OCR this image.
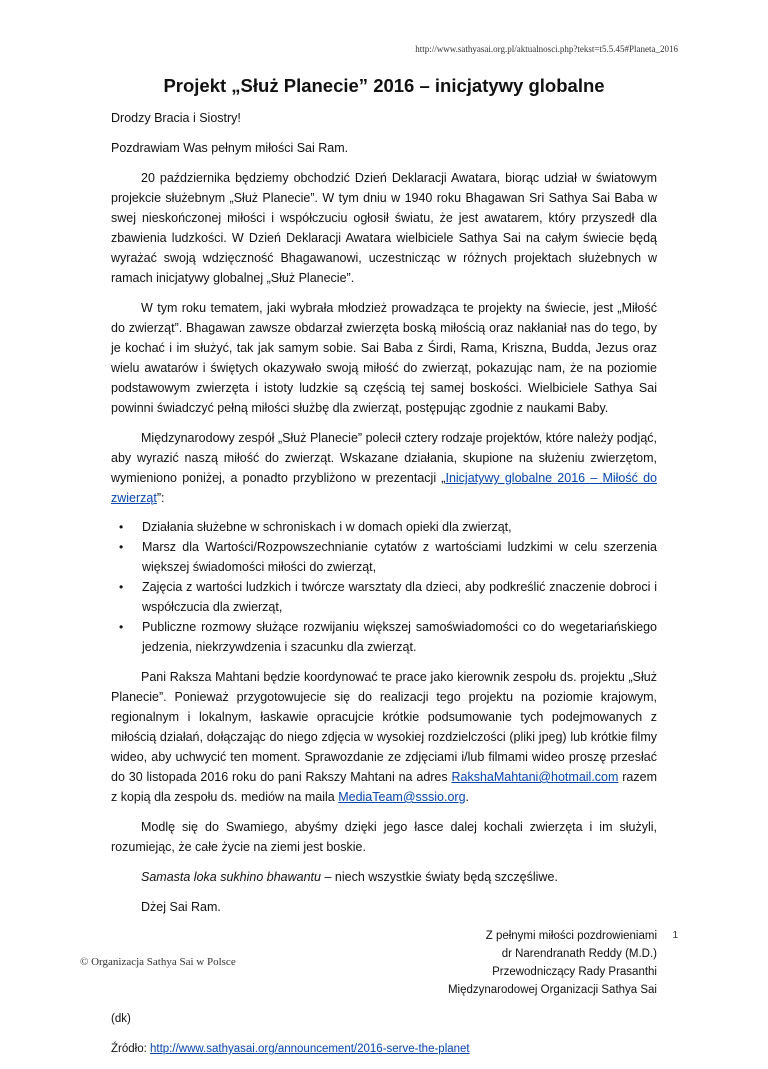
http://www.sathyasai.org.pl/aktualnosci.php?tekst=t5.5.45#Planeta_2016
Projekt „Służ Planecie” 2016 – inicjatywy globalne

Drodzy Bracia i Siostry!

Pozdrawiam Was pełnym miłości Sai Ram.

20 października będziemy obchodzić Dzień Deklaracji Awatara, biorąc udział w światowym projekcie służebnym „Służ Planecie”. W tym dniu w 1940 roku Bhagawan Sri Sathya Sai Baba w swej nieskończonej miłości i współczuciu ogłosił światu, że jest awatarem, który przyszedł dla zbawienia ludzkości. W Dzień Deklaracji Awatara wielbiciele Sathya Sai na całym świecie będą wyrażać swoją wdzięczność Bhagawanowi, uczestnicząc w różnych projektach służebnych w ramach inicjatywy globalnej „Służ Planecie”.

W tym roku tematem, jaki wybrała młodzież prowadząca te projekty na świecie, jest „Miłość do zwierząt”. Bhagawan zawsze obdarzał zwierzęta boską miłością oraz nakłaniał nas do tego, by je kochać i im służyć, tak jak samym sobie. Sai Baba z Śirdi, Rama, Kriszna, Budda, Jezus oraz wielu awatarów i świętych okazywało swoją miłość do zwierząt, pokazując nam, że na poziomie podstawowym zwierzęta i istoty ludzkie są częścią tej samej boskości. Wielbiciele Sathya Sai powinni świadczyć pełną miłości służbę dla zwierząt, postępując zgodnie z naukami Baby.

Międzynarodowy zespół „Służ Planecie” polecił cztery rodzaje projektów, które należy podjąć, aby wyrazić naszą miłość do zwierząt. Wskazane działania, skupione na służeniu zwierzętom, wymieniono poniżej, a ponadto przybliżono w prezentacji „Inicjatywy globalne 2016 – Miłość do zwierząt”:

• Działania służebne w schroniskach i w domach opieki dla zwierząt,
• Marsz dla Wartości/Rozpowszechnianie cytatów z wartościami ludzkimi w celu szerzenia większej świadomości miłości do zwierząt,
• Zajęcia z wartości ludzkich i twórcze warsztaty dla dzieci, aby podkreślić znaczenie dobroci i współczucia dla zwierząt,
• Publiczne rozmowy służące rozwijaniu większej samoświadomości co do wegetariańskiego jedzenia, niekrzywdzenia i szacunku dla zwierząt.

Pani Raksza Mahtani będzie koordynować te prace jako kierownik zespołu ds. projektu „Służ Planecie”. Ponieważ przygotowujecie się do realizacji tego projektu na poziomie krajowym, regionalnym i lokalnym, łaskawie opracujcie krótkie podsumowanie tych podejmowanych z miłością działań, dołączając do niego zdjęcia w wysokiej rozdzielczości (pliki jpeg) lub krótkie filmy wideo, aby uchwycić ten moment. Sprawozdanie ze zdjęciami i/lub filmami wideo proszę przesłać do 30 listopada 2016 roku do pani Rakszy Mahtani na adres RakshaMahtani@hotmail.com razem z kopią dla zespołu ds. mediów na maila MediaTeam@sssio.org.

Modlę się do Swamiego, abyśmy dzięki jego łasce dalej kochali zwierzęta i im służyli, rozumiejąc, że całe życie na ziemi jest boskie.

Samasta loka sukhino bhawantu – niech wszystkie światy będą szczęśliwe.

Dżej Sai Ram.

Z pełnymi miłości pozdrowieniami
dr Narendranath Reddy (M.D.)
Przewodniczący Rady Prasanthi
Międzynarodowej Organizacji Sathya Sai

(dk)

Źródło: http://www.sathyasai.org/announcement/2016-serve-the-planet

1
© Organizacja Sathya Sai w Polsce
